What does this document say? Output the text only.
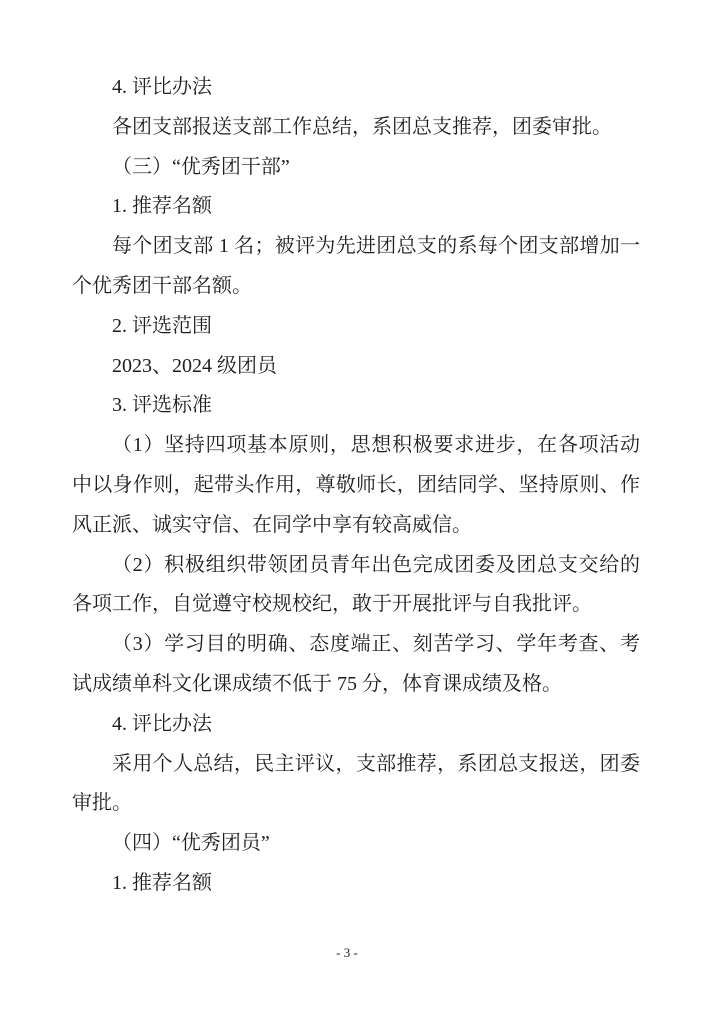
4. 评比办法
各团支部报送支部工作总结，系团总支推荐，团委审批。
（三）“优秀团干部”
1. 推荐名额
每个团支部 1 名；被评为先进团总支的系每个团支部增加一
个优秀团干部名额。
2. 评选范围
2023、2024 级团员
3. 评选标准
（1）坚持四项基本原则，思想积极要求进步，在各项活动
中以身作则，起带头作用，尊敬师长，团结同学、坚持原则、作
风正派、诚实守信、在同学中享有较高威信。
（2）积极组织带领团员青年出色完成团委及团总支交给的
各项工作，自觉遵守校规校纪，敢于开展批评与自我批评。
（3）学习目的明确、态度端正、刻苦学习、学年考查、考
试成绩单科文化课成绩不低于 75 分，体育课成绩及格。
4. 评比办法
采用个人总结，民主评议，支部推荐，系团总支报送，团委
审批。
（四）“优秀团员”
1. 推荐名额
- 3 -
